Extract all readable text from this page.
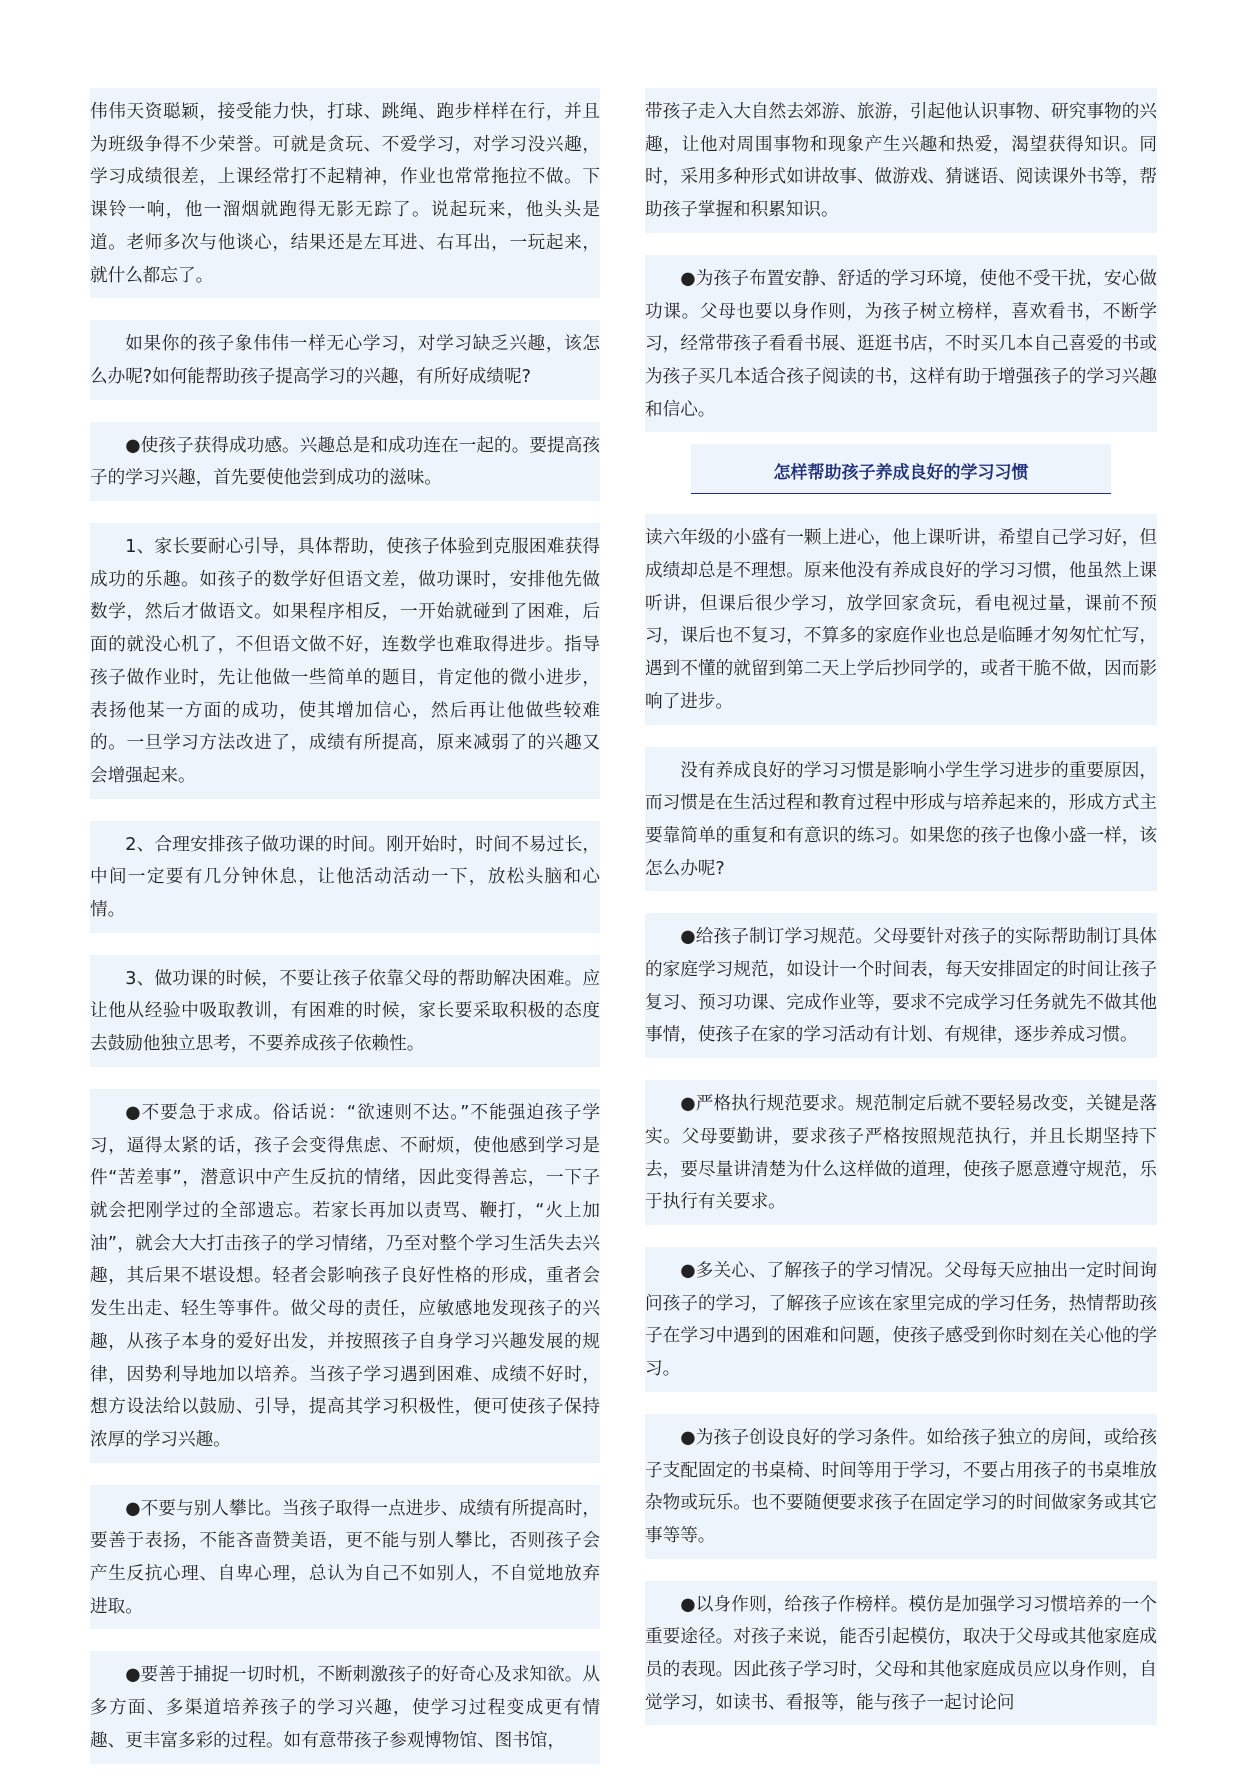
伟伟天资聪颖，接受能力快，打球、跳绳、跑步样样在行，并且为班级争得不少荣誉。可就是贪玩、不爱学习，对学习没兴趣，学习成绩很差，上课经常打不起精神，作业也常常拖拉不做。下课铃一响，他一溜烟就跑得无影无踪了。说起玩来，他头头是道。老师多次与他谈心，结果还是左耳进、右耳出，一玩起来，就什么都忘了。

如果你的孩子象伟伟一样无心学习，对学习缺乏兴趣，该怎么办呢?如何能帮助孩子提高学习的兴趣，有所好成绩呢?

●使孩子获得成功感。兴趣总是和成功连在一起的。要提高孩子的学习兴趣，首先要使他尝到成功的滋味。

1、家长要耐心引导，具体帮助，使孩子体验到克服困难获得成功的乐趣。如孩子的数学好但语文差，做功课时，安排他先做数学，然后才做语文。如果程序相反，一开始就碰到了困难，后面的就没心机了，不但语文做不好，连数学也难取得进步。指导孩子做作业时，先让他做一些简单的题目，肯定他的微小进步，表扬他某一方面的成功，使其增加信心，然后再让他做些较难的。一旦学习方法改进了，成绩有所提高，原来减弱了的兴趣又会增强起来。

2、合理安排孩子做功课的时间。刚开始时，时间不易过长，中间一定要有几分钟休息，让他活动活动一下，放松头脑和心情。

3、做功课的时候，不要让孩子依靠父母的帮助解决困难。应让他从经验中吸取教训，有困难的时候，家长要采取积极的态度去鼓励他独立思考，不要养成孩子依赖性。

●不要急于求成。俗话说：“欲速则不达。”不能强迫孩子学习，逼得太紧的话，孩子会变得焦虑、不耐烦，使他感到学习是件“苦差事”，潜意识中产生反抗的情绪，因此变得善忘，一下子就会把刚学过的全部遗忘。若家长再加以责骂、鞭打，“火上加油”，就会大大打击孩子的学习情绪，乃至对整个学习生活失去兴趣，其后果不堪设想。轻者会影响孩子良好性格的形成，重者会发生出走、轻生等事件。做父母的责任，应敏感地发现孩子的兴趣，从孩子本身的爱好出发，并按照孩子自身学习兴趣发展的规律，因势利导地加以培养。当孩子学习遇到困难、成绩不好时，想方设法给以鼓励、引导，提高其学习积极性，便可使孩子保持浓厚的学习兴趣。

●不要与别人攀比。当孩子取得一点进步、成绩有所提高时，要善于表扬，不能吝啬赞美语，更不能与别人攀比，否则孩子会产生反抗心理、自卑心理，总认为自己不如别人，不自觉地放弃进取。

●要善于捕捉一切时机，不断刺激孩子的好奇心及求知欲。从多方面、多渠道培养孩子的学习兴趣，使学习过程变成更有情趣、更丰富多彩的过程。如有意带孩子参观博物馆、图书馆，

带孩子走入大自然去郊游、旅游，引起他认识事物、研究事物的兴趣，让他对周围事物和现象产生兴趣和热爱，渴望获得知识。同时，采用多种形式如讲故事、做游戏、猜谜语、阅读课外书等，帮助孩子掌握和积累知识。

●为孩子布置安静、舒适的学习环境，使他不受干扰，安心做功课。父母也要以身作则，为孩子树立榜样，喜欢看书，不断学习，经常带孩子看看书展、逛逛书店，不时买几本自己喜爱的书或为孩子买几本适合孩子阅读的书，这样有助于增强孩子的学习兴趣和信心。

怎样帮助孩子养成良好的学习习惯

读六年级的小盛有一颗上进心，他上课听讲，希望自己学习好，但成绩却总是不理想。原来他没有养成良好的学习习惯，他虽然上课听讲，但课后很少学习，放学回家贪玩，看电视过量，课前不预习，课后也不复习，不算多的家庭作业也总是临睡才匆匆忙忙写，遇到不懂的就留到第二天上学后抄同学的，或者干脆不做，因而影响了进步。

没有养成良好的学习习惯是影响小学生学习进步的重要原因，而习惯是在生活过程和教育过程中形成与培养起来的，形成方式主要靠简单的重复和有意识的练习。如果您的孩子也像小盛一样，该怎么办呢?

●给孩子制订学习规范。父母要针对孩子的实际帮助制订具体的家庭学习规范，如设计一个时间表，每天安排固定的时间让孩子复习、预习功课、完成作业等，要求不完成学习任务就先不做其他事情，使孩子在家的学习活动有计划、有规律，逐步养成习惯。

●严格执行规范要求。规范制定后就不要轻易改变，关键是落实。父母要勤讲，要求孩子严格按照规范执行，并且长期坚持下去，要尽量讲清楚为什么这样做的道理，使孩子愿意遵守规范，乐于执行有关要求。

●多关心、了解孩子的学习情况。父母每天应抽出一定时间询问孩子的学习，了解孩子应该在家里完成的学习任务，热情帮助孩子在学习中遇到的困难和问题，使孩子感受到你时刻在关心他的学习。

●为孩子创设良好的学习条件。如给孩子独立的房间，或给孩子支配固定的书桌椅、时间等用于学习，不要占用孩子的书桌堆放杂物或玩乐。也不要随便要求孩子在固定学习的时间做家务或其它事等等。

●以身作则，给孩子作榜样。模仿是加强学习习惯培养的一个重要途径。对孩子来说，能否引起模仿，取决于父母或其他家庭成员的表现。因此孩子学习时，父母和其他家庭成员应以身作则，自觉学习，如读书、看报等，能与孩子一起讨论问
